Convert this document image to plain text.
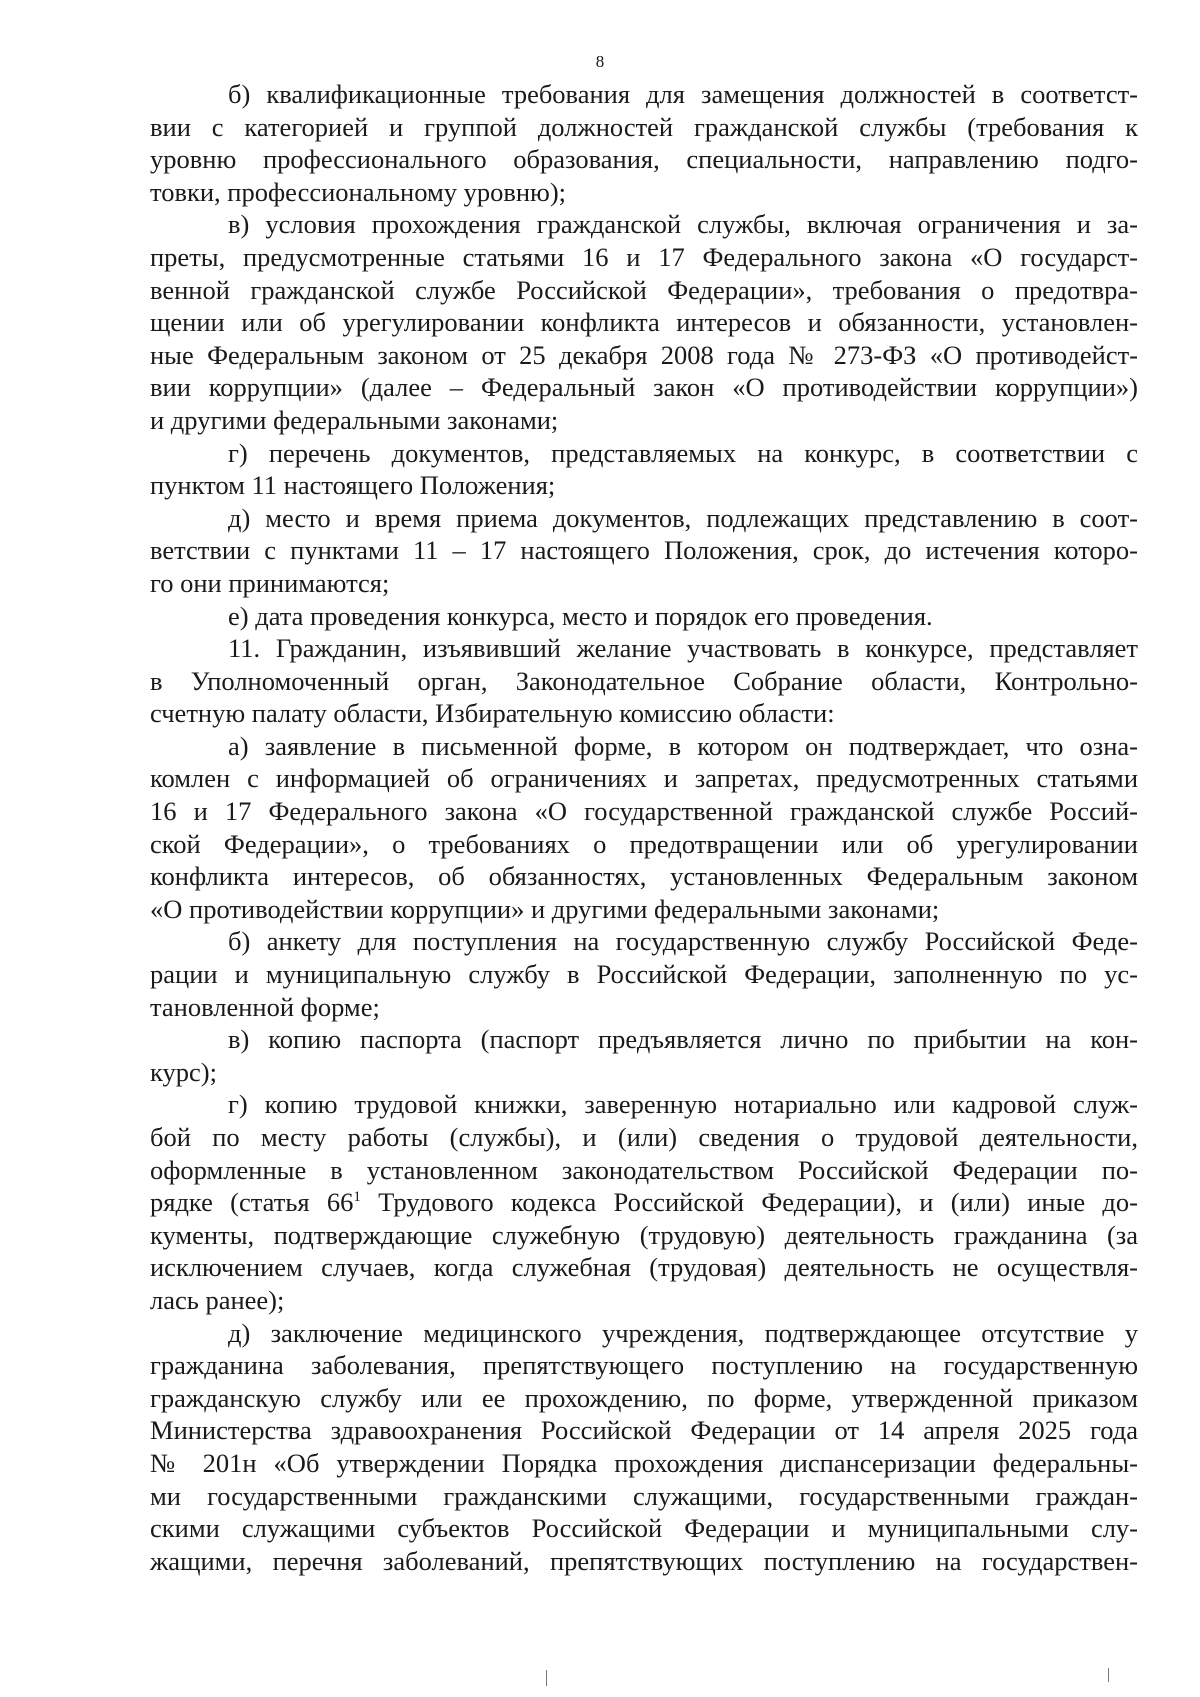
8
б) квалификационные требования для замещения должностей в соответст-
вии с категорией и группой должностей гражданской службы (требования к
уровню профессионального образования, специальности, направлению подго-
товки, профессиональному уровню);
в) условия прохождения гражданской службы, включая ограничения и за-
преты, предусмотренные статьями 16 и 17 Федерального закона «О государст-
венной гражданской службе Российской Федерации», требования о предотвра-
щении или об урегулировании конфликта интересов и обязанности, установлен-
ные Федеральным законом от 25 декабря 2008 года № 273-ФЗ «О противодейст-
вии коррупции» (далее – Федеральный закон «О противодействии коррупции»)
и другими федеральными законами;
г) перечень документов, представляемых на конкурс, в соответствии с
пунктом 11 настоящего Положения;
д) место и время приема документов, подлежащих представлению в соот-
ветствии с пунктами 11 – 17 настоящего Положения, срок, до истечения которо-
го они принимаются;
е) дата проведения конкурса, место и порядок его проведения.
11. Гражданин, изъявивший желание участвовать в конкурсе, представляет
в Уполномоченный орган, Законодательное Собрание области, Контрольно-
счетную палату области, Избирательную комиссию области:
а) заявление в письменной форме, в котором он подтверждает, что озна-
комлен с информацией об ограничениях и запретах, предусмотренных статьями
16 и 17 Федерального закона «О государственной гражданской службе Россий-
ской Федерации», о требованиях о предотвращении или об урегулировании
конфликта интересов, об обязанностях, установленных Федеральным законом
«О противодействии коррупции» и другими федеральными законами;
б) анкету для поступления на государственную службу Российской Феде-
рации и муниципальную службу в Российской Федерации, заполненную по ус-
тановленной форме;
в) копию паспорта (паспорт предъявляется лично по прибытии на кон-
курс);
г) копию трудовой книжки, заверенную нотариально или кадровой служ-
бой по месту работы (службы), и (или) сведения о трудовой деятельности,
оформленные в установленном законодательством Российской Федерации по-
рядке (статья $66^1$ Трудового кодекса Российской Федерации), и (или) иные до-
кументы, подтверждающие служебную (трудовую) деятельность гражданина (за
исключением случаев, когда служебная (трудовая) деятельность не осуществля-
лась ранее);
д) заключение медицинского учреждения, подтверждающее отсутствие у
гражданина заболевания, препятствующего поступлению на государственную
гражданскую службу или ее прохождению, по форме, утвержденной приказом
Министерства здравоохранения Российской Федерации от 14 апреля 2025 года
№ 201н «Об утверждении Порядка прохождения диспансеризации федеральны-
ми государственными гражданскими служащими, государственными граждан-
скими служащими субъектов Российской Федерации и муниципальными слу-
жащими, перечня заболеваний, препятствующих поступлению на государствен-
